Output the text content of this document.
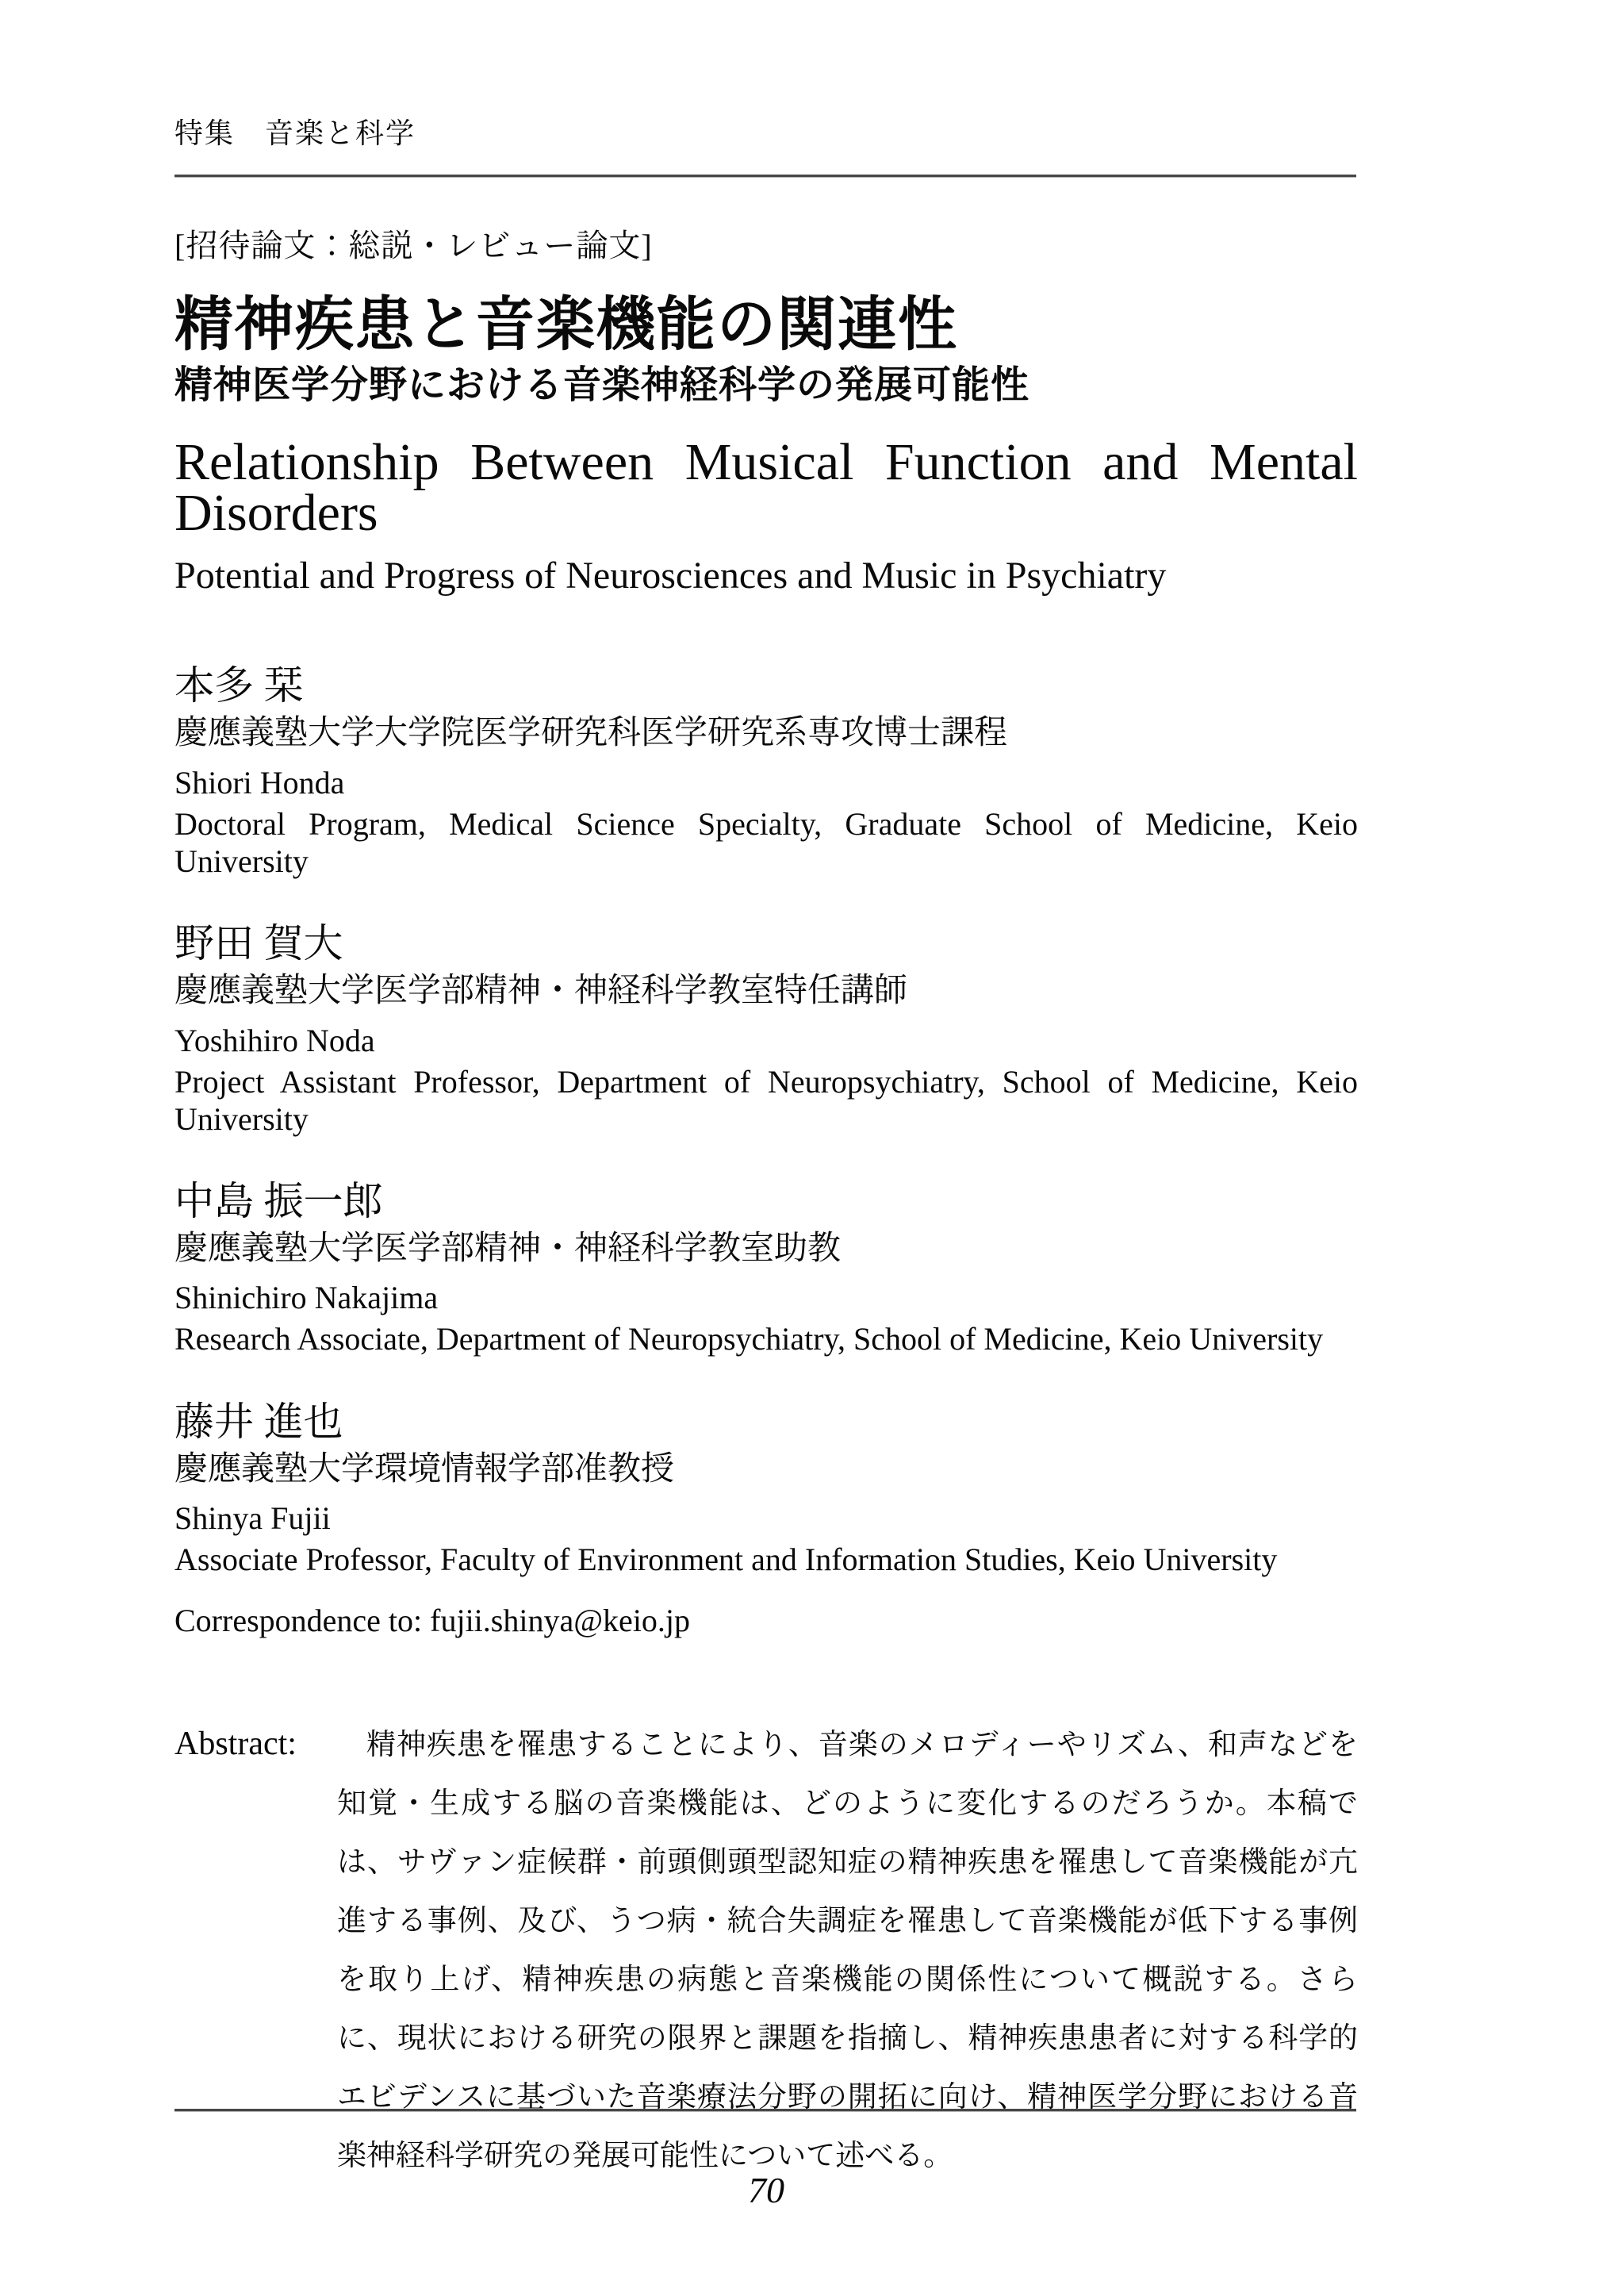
特集　音楽と科学
[招待論文：総説・レビュー論文]
精神疾患と音楽機能の関連性
精神医学分野における音楽神経科学の発展可能性
Relationship Between Musical Function and Mental Disorders
Potential and Progress of Neurosciences and Music in Psychiatry
本多 栞
慶應義塾大学大学院医学研究科医学研究系専攻博士課程
Shiori Honda
Doctoral Program, Medical Science Specialty, Graduate School of Medicine, Keio University
野田 賀大
慶應義塾大学医学部精神・神経科学教室特任講師
Yoshihiro Noda
Project Assistant Professor, Department of Neuropsychiatry, School of Medicine, Keio University
中島 振一郎
慶應義塾大学医学部精神・神経科学教室助教
Shinichiro Nakajima
Research Associate, Department of Neuropsychiatry, School of Medicine, Keio University
藤井 進也
慶應義塾大学環境情報学部准教授
Shinya Fujii
Associate Professor, Faculty of Environment and Information Studies, Keio University
Correspondence to: fujii.shinya@keio.jp
Abstract:	精神疾患を罹患することにより、音楽のメロディーやリズム、和声などを知覚・生成する脳の音楽機能は、どのように変化するのだろうか。本稿では、サヴァン症候群・前頭側頭型認知症の精神疾患を罹患して音楽機能が亢進する事例、及び、うつ病・統合失調症を罹患して音楽機能が低下する事例を取り上げ、精神疾患の病態と音楽機能の関係性について概説する。さらに、現状における研究の限界と課題を指摘し、精神疾患患者に対する科学的エビデンスに基づいた音楽療法分野の開拓に向け、精神医学分野における音楽神経科学研究の発展可能性について述べる。
70
